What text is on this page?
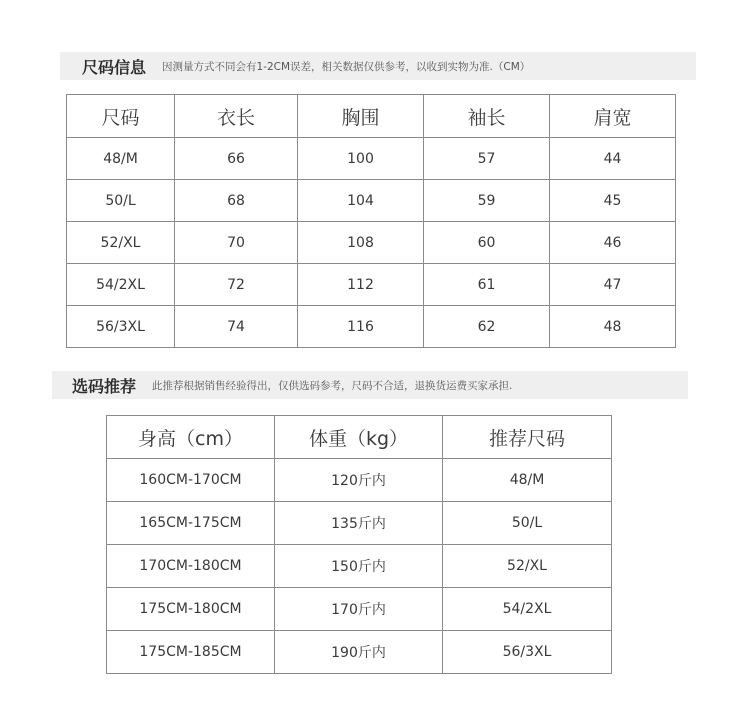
尺码信息 因测量方式不同会有1-2CM误差，相关数据仅供参考，以收到实物为准.（CM）
尺码	衣长	胸围	袖长	肩宽
48/M	66	100	57	44
50/L	68	104	59	45
52/XL	70	108	60	46
54/2XL	72	112	61	47
56/3XL	74	116	62	48
选码推荐 此推荐根据销售经验得出，仅供选码参考，尺码不合适，退换货运费买家承担.
身高（cm）	体重（kg）	推荐尺码
160CM-170CM	120斤内	48/M
165CM-175CM	135斤内	50/L
170CM-180CM	150斤内	52/XL
175CM-180CM	170斤内	54/2XL
175CM-185CM	190斤内	56/3XL
